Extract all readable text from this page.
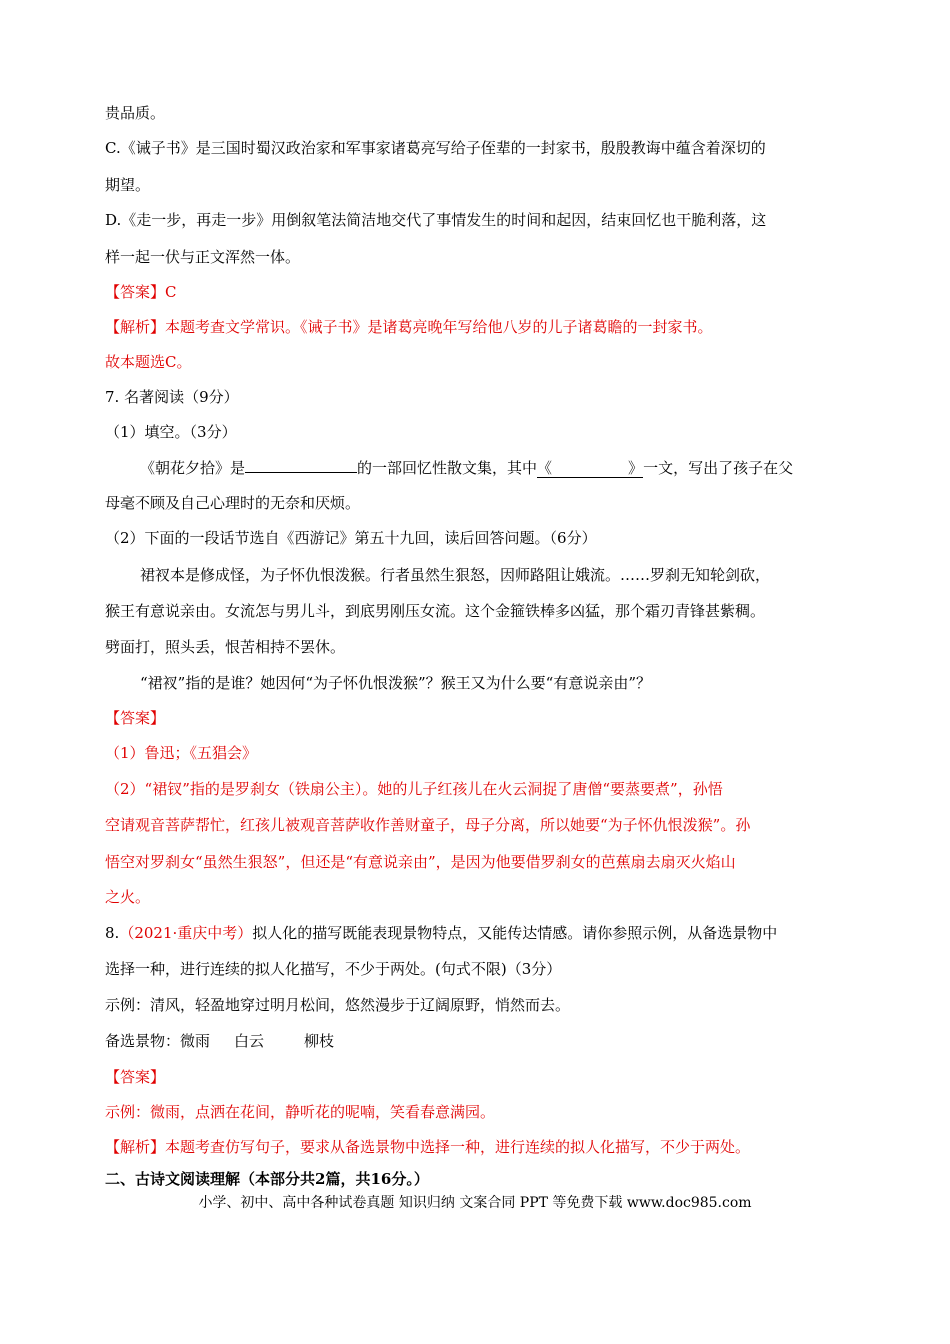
贵品质。
C.《诫子书》是三国时蜀汉政治家和军事家诸葛亮写给子侄辈的一封家书，殷殷教诲中蕴含着深切的
期望。
D.《走一步，再走一步》用倒叙笔法简洁地交代了事情发生的时间和起因，结束回忆也干脆利落，这
样一起一伏与正文浑然一体。
【答案】C
【解析】本题考查文学常识。《诫子书》是诸葛亮晚年写给他八岁的儿子诸葛瞻的一封家书。
故本题选C。
7. 名著阅读（9分）
（1）填空。（3分）
《朝花夕拾》是	的一部回忆性散文集，其中《	》一文，写出了孩子在父
母毫不顾及自己心理时的无奈和厌烦。
（2）下面的一段话节选自《西游记》第五十九回，读后回答问题。（6分）
裙衩本是修成怪，为子怀仇恨泼猴。行者虽然生狠怒，因师路阻让娥流。……罗刹无知轮剑砍，
猴王有意说亲由。女流怎与男儿斗，到底男刚压女流。这个金箍铁棒多凶猛，那个霜刃青锋甚紫稠。
劈面打，照头丢，恨苦相持不罢休。
“裙衩”指的是谁？她因何“为子怀仇恨泼猴”？猴王又为什么要“有意说亲由”？
【答案】
（1）鲁迅；《五猖会》
（2）“裙钗”指的是罗刹女（铁扇公主）。她的儿子红孩儿在火云洞捉了唐僧“要蒸要煮”，孙悟
空请观音菩萨帮忙，红孩儿被观音菩萨收作善财童子，母子分离，所以她要“为子怀仇恨泼猴”。孙
悟空对罗刹女“虽然生狠怒”，但还是“有意说亲由”，是因为他要借罗刹女的芭蕉扇去扇灭火焰山
之火。
8.（2021·重庆中考）拟人化的描写既能表现景物特点，又能传达情感。请你参照示例，从备选景物中
选择一种，进行连续的拟人化描写，不少于两处。(句式不限)（3分）
示例：清风，轻盈地穿过明月松间，悠然漫步于辽阔原野，悄然而去。
备选景物：微雨 白云	柳枝
【答案】
示例：微雨，点洒在花间，静听花的呢喃，笑看春意满园。
【解析】本题考查仿写句子，要求从备选景物中选择一种，进行连续的拟人化描写，不少于两处。
二、古诗文阅读理解（本部分共2篇，共16分。）
小学、初中、高中各种试卷真题 知识归纳 文案合同 PPT 等免费下载 www.doc985.com
